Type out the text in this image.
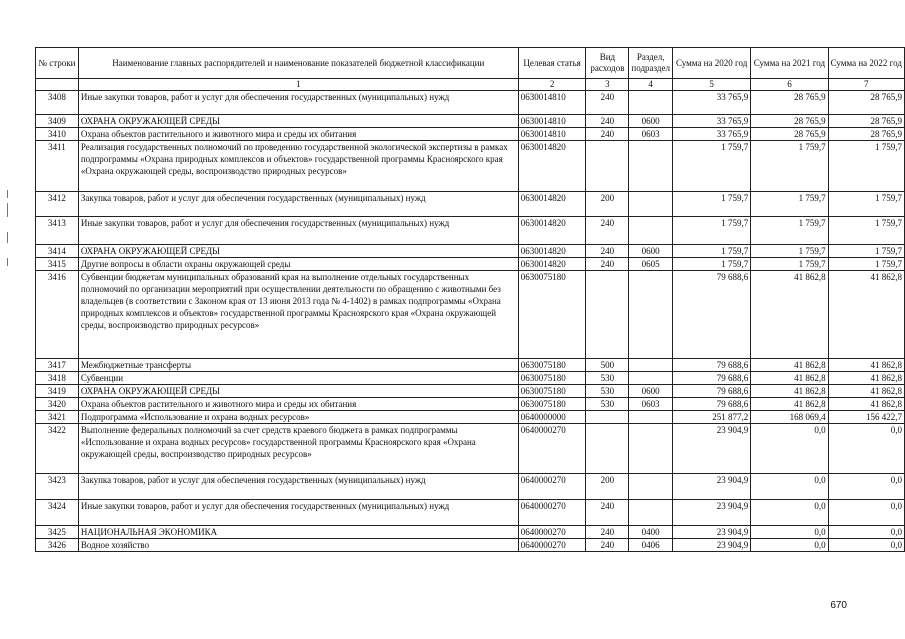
№ строки	Наименование главных распорядителей и наименование показателей бюджетной классификации	Целевая статья	Вид расходов	Раздел, подраздел	Сумма на 2020 год	Сумма на 2021 год	Сумма на 2022 год
	1	2	3	4	5	6	7
3408	Иные закупки товаров, работ и услуг для обеспечения государственных (муниципальных) нужд	0630014810	240		33 765,9	28 765,9	28 765,9
3409	ОХРАНА ОКРУЖАЮЩЕЙ СРЕДЫ	0630014810	240	0600	33 765,9	28 765,9	28 765,9
3410	Охрана объектов растительного и животного мира и среды их обитания	0630014810	240	0603	33 765,9	28 765,9	28 765,9
3411	Реализация государственных полномочий по проведению государственной экологической экспертизы в рамках подпрограммы «Охрана природных комплексов и объектов» государственной программы Красноярского края «Охрана окружающей среды, воспроизводство природных ресурсов»	0630014820			1 759,7	1 759,7	1 759,7
3412	Закупка товаров, работ и услуг для обеспечения государственных (муниципальных) нужд	0630014820	200		1 759,7	1 759,7	1 759,7
3413	Иные закупки товаров, работ и услуг для обеспечения государственных (муниципальных) нужд	0630014820	240		1 759,7	1 759,7	1 759,7
3414	ОХРАНА ОКРУЖАЮЩЕЙ СРЕДЫ	0630014820	240	0600	1 759,7	1 759,7	1 759,7
3415	Другие вопросы в области охраны окружающей среды	0630014820	240	0605	1 759,7	1 759,7	1 759,7
3416	Субвенции бюджетам муниципальных образований края на выполнение отдельных государственных полномочий по организации мероприятий при осуществлении деятельности по обращению с животными без владельцев (в соответствии с Законом края от 13 июня 2013 года № 4-1402) в рамках подпрограммы «Охрана природных комплексов и объектов» государственной программы Красноярского края «Охрана окружающей среды, воспроизводство природных ресурсов»	0630075180			79 688,6	41 862,8	41 862,8
3417	Межбюджетные трансферты	0630075180	500		79 688,6	41 862,8	41 862,8
3418	Субвенции	0630075180	530		79 688,6	41 862,8	41 862,8
3419	ОХРАНА ОКРУЖАЮЩЕЙ СРЕДЫ	0630075180	530	0600	79 688,6	41 862,8	41 862,8
3420	Охрана объектов растительного и животного мира и среды их обитания	0630075180	530	0603	79 688,6	41 862,8	41 862,8
3421	Подпрограмма «Использование и охрана водных ресурсов»	0640000000			251 877,2	168 069,4	156 422,7
3422	Выполнение федеральных полномочий за счет средств краевого бюджета в рамках подпрограммы «Использование и охрана водных ресурсов» государственной программы Красноярского края «Охрана окружающей среды, воспроизводство природных ресурсов»	0640000270			23 904,9	0,0	0,0
3423	Закупка товаров, работ и услуг для обеспечения государственных (муниципальных) нужд	0640000270	200		23 904,9	0,0	0,0
3424	Иные закупки товаров, работ и услуг для обеспечения государственных (муниципальных) нужд	0640000270	240		23 904,9	0,0	0,0
3425	НАЦИОНАЛЬНАЯ ЭКОНОМИКА	0640000270	240	0400	23 904,9	0,0	0,0
3426	Водное хозяйство	0640000270	240	0406	23 904,9	0,0	0,0
670
